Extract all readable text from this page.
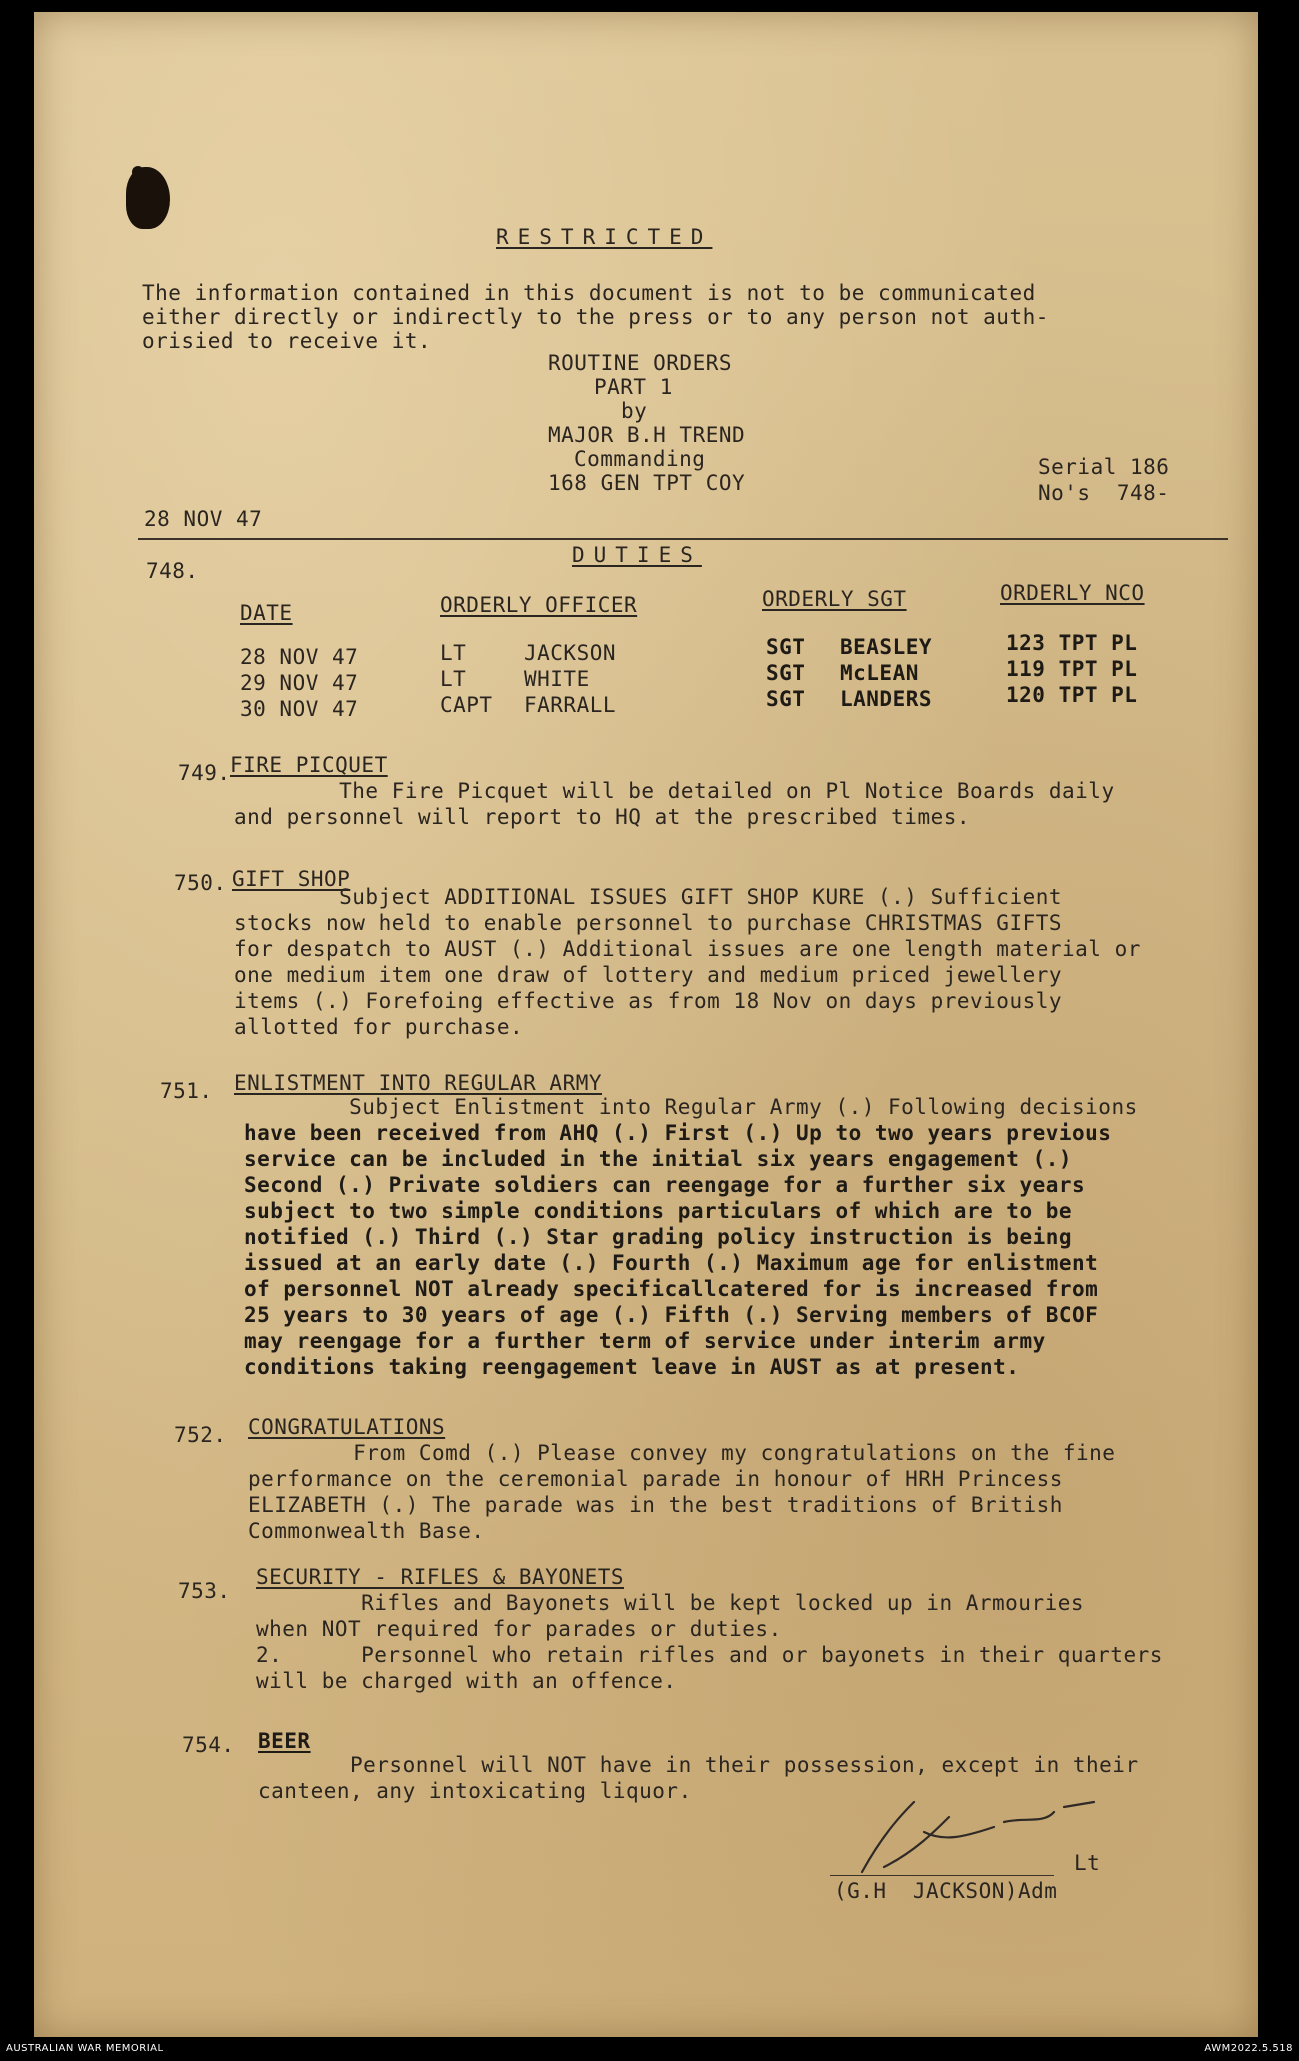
RESTRICTED
The information contained in this document is not to be communicated
either directly or indirectly to the press or to any person not auth-
orisied to receive it.
ROUTINE ORDERS
PART 1
by
MAJOR B.H TREND
Commanding
168 GEN TPT COY
Serial 186
No's  748-
28 NOV 47
748.
DUTIES
DATE	ORDERLY OFFICER	ORDERLY SGT	ORDERLY NCO
28 NOV 47	LT	JACKSON	SGT BEASLEY	123 TPT PL
29 NOV 47	LT	WHITE	SGT McLEAN	119 TPT PL
30 NOV 47	CAPT FARRALL	SGT LANDERS	120 TPT PL
749. FIRE PICQUET
The Fire Picquet will be detailed on Pl Notice Boards daily
and personnel will report to HQ at the prescribed times.
750. GIFT SHOP
Subject ADDITIONAL ISSUES GIFT SHOP KURE (.) Sufficient
stocks now held to enable personnel to purchase CHRISTMAS GIFTS
for despatch to AUST (.) Additional issues are one length material or
one medium item one draw of lottery and medium priced jewellery
items (.) Forefoing effective as from 18 Nov on days previously
allotted for purchase.
751. ENLISTMENT INTO REGULAR ARMY
Subject Enlistment into Regular Army (.) Following decisions
have been received from AHQ (.) First (.) Up to two years previous
service can be included in the initial six years engagement (.)
Second (.) Private soldiers can reengage for a further six years
subject to two simple conditions particulars of which are to be
notified (.) Third (.) Star grading policy instruction is being
issued at an early date (.) Fourth (.) Maximum age for enlistment
of personnel NOT already specificallcatered for is increased from
25 years to 30 years of age (.) Fifth (.) Serving members of BCOF
may reengage for a further term of service under interim army
conditions taking reengagement leave in AUST as at present.
752. CONGRATULATIONS
From Comd (.) Please convey my congratulations on the fine
performance on the ceremonial parade in honour of HRH Princess
ELIZABETH (.) The parade was in the best traditions of British
Commonwealth Base.
753.
SECURITY - RIFLES & BAYONETS
Rifles and Bayonets will be kept locked up in Armouries
when NOT required for parades or duties.
2.      Personnel who retain rifles and or bayonets in their quarters
will be charged with an offence.
754. BEER
Personnel will NOT have in their possession, except in their
canteen, any intoxicating liquor.
Lt
(G.H  JACKSON)Adm
AUSTRALIAN WAR MEMORIAL	AWM2022.5.518
